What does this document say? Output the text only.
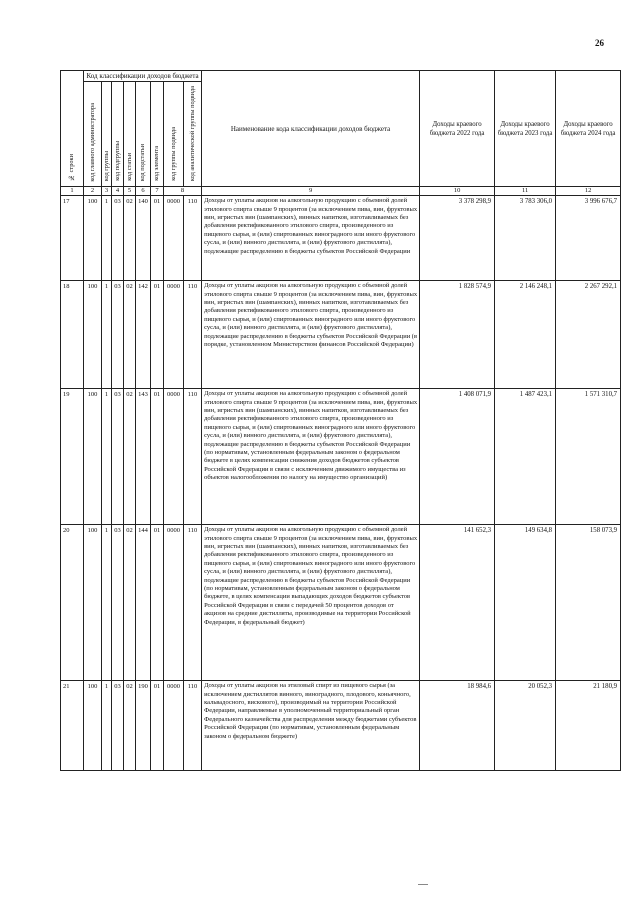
26
№ строки	Код классификации доходов бюджета								Наименование кода классификации доходов бюджета	Доходы краевого бюджета 2022 года	Доходы краевого бюджета 2023 года	Доходы краевого бюджета 2024 года
	код главного администратора	код группы	код подгруппы	код статьи	код подстатьи	код элемента	код группы подвида	код аналитической группы подвида				
1	2	3	4	5	6	7	8		9	10	11	12
17	100	1	03	02	140	01	0000	110	Доходы от уплаты акцизов на алкогольную продукцию с объемной долей этилового спирта свыше 9 процентов (за исключением пива, вин, фруктовых вин, игристых вин (шампанских), винных напитков, изготавливаемых без добавления ректификованного этилового спирта, произведенного из пищевого сырья, и (или) спиртованных виноградного или иного фруктового сусла, и (или) винного дистиллята, и (или) фруктового дистиллята), подлежащие распределению в бюджеты субъектов Российской Федерации	3 378 298,9	3 783 306,0	3 996 676,7
18	100	1	03	02	142	01	0000	110	Доходы от уплаты акцизов на алкогольную продукцию с объемной долей этилового спирта свыше 9 процентов (за исключением пива, вин, фруктовых вин, игристых вин (шампанских), винных напитков, изготавливаемых без добавления ректификованного этилового спирта, произведенного из пищевого сырья, и (или) спиртованных виноградного или иного фруктового сусла, и (или) винного дистиллята, и (или) фруктового дистиллята), подлежащие распределению в бюджеты субъектов Российской Федерации (в порядке, установленном Министерством финансов Российской Федерации)	1 828 574,9	2 146 248,1	2 267 292,1
19	100	1	03	02	143	01	0000	110	Доходы от уплаты акцизов на алкогольную продукцию с объемной долей этилового спирта свыше 9 процентов (за исключением пива, вин, фруктовых вин, игристых вин (шампанских), винных напитков, изготавливаемых без добавления ректификованного этилового спирта, произведенного из пищевого сырья, и (или) спиртованных виноградного или иного фруктового сусла, и (или) винного дистиллята, и (или) фруктового дистиллята), подлежащие распределению в бюджеты субъектов Российской Федерации (по нормативам, установленным федеральным законом о федеральном бюджете в целях компенсации снижения доходов бюджетов субъектов Российской Федерации в связи с исключением движимого имущества из объектов налогообложения по налогу на имущество организаций)	1 408 071,9	1 487 423,1	1 571 310,7
20	100	1	03	02	144	01	0000	110	Доходы от уплаты акцизов на алкогольную продукцию с объемной долей этилового спирта свыше 9 процентов (за исключением пива, вин, фруктовых вин, игристых вин (шампанских), винных напитков, изготавливаемых без добавления ректификованного этилового спирта, произведенного из пищевого сырья, и (или) спиртованных виноградного или иного фруктового сусла, и (или) винного дистиллята, и (или) фруктового дистиллята), подлежащие распределению в бюджеты субъектов Российской Федерации (по нормативам, установленным федеральным законом о федеральном бюджете, в целях компенсации выпадающих доходов бюджетов субъектов Российской Федерации в связи с передачей 50 процентов доходов от акцизов на средние дистилляты, производимые на территории Российской Федерации, в федеральный бюджет)	141 652,3	149 634,8	158 073,9
21	100	1	03	02	190	01	0000	110	Доходы от уплаты акцизов на этиловый спирт из пищевого сырья (за исключением дистиллятов винного, виноградного, плодового, коньячного, кальвадосного, вискового), производимый на территории Российской Федерации, направляемые в уполномоченный территориальный орган Федерального казначейства для распределения между бюджетами субъектов Российской Федерации (по нормативам, установленным федеральным законом о федеральном бюджете)	18 984,6	20 052,3	21 180,9
